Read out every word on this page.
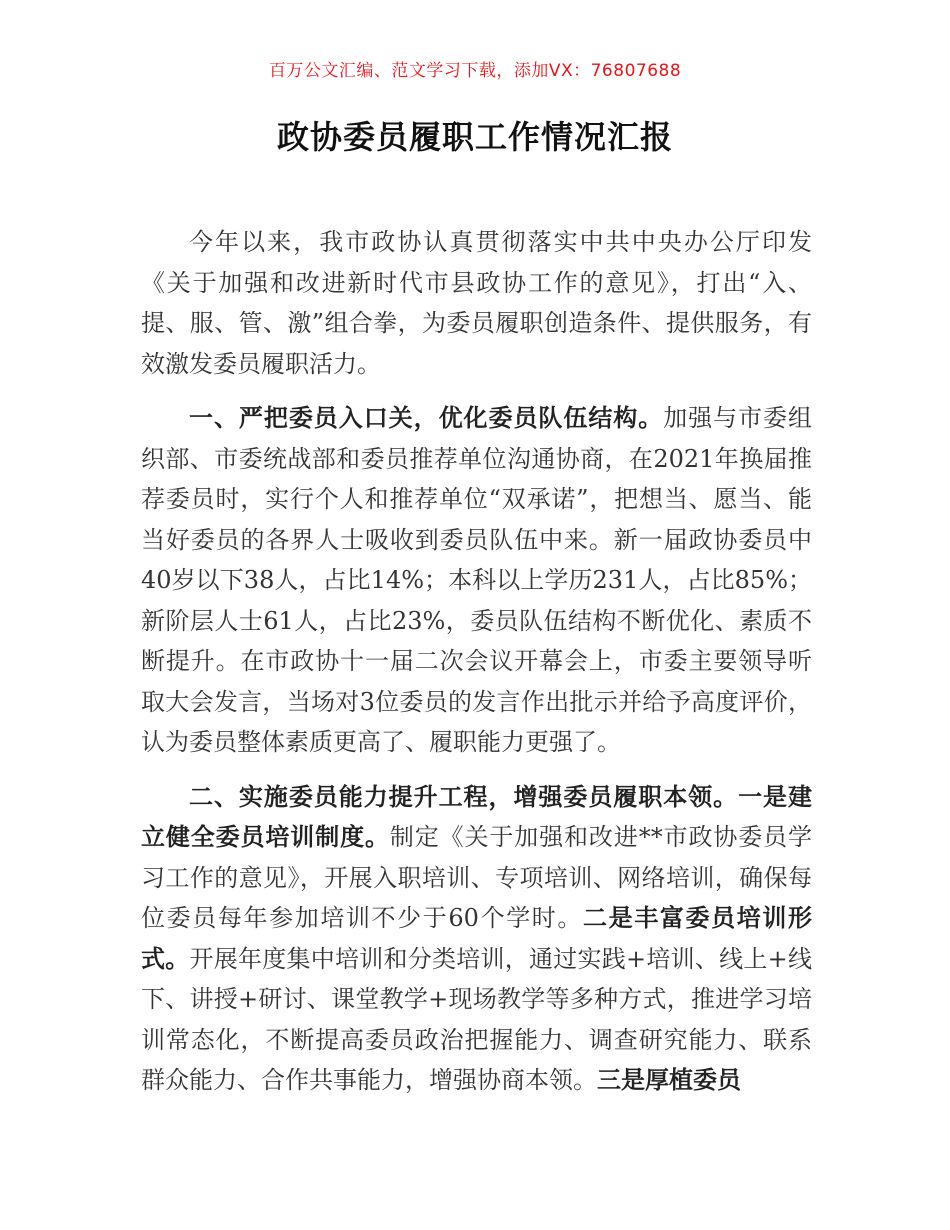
百万公文汇编、范文学习下载，添加VX：76807688
政协委员履职工作情况汇报

今年以来，我市政协认真贯彻落实中共中央办公厅印发《关于加强和改进新时代市县政协工作的意见》，打出“入、提、服、管、激”组合拳，为委员履职创造条件、提供服务，有效激发委员履职活力。

一、严把委员入口关，优化委员队伍结构。加强与市委组织部、市委统战部和委员推荐单位沟通协商，在2021年换届推荐委员时，实行个人和推荐单位“双承诺”，把想当、愿当、能当好委员的各界人士吸收到委员队伍中来。新一届政协委员中40岁以下38人，占比14%；本科以上学历231人，占比85%；新阶层人士61人，占比23%，委员队伍结构不断优化、素质不断提升。在市政协十一届二次会议开幕会上，市委主要领导听取大会发言，当场对3位委员的发言作出批示并给予高度评价，认为委员整体素质更高了、履职能力更强了。

二、实施委员能力提升工程，增强委员履职本领。一是建立健全委员培训制度。制定《关于加强和改进**市政协委员学习工作的意见》，开展入职培训、专项培训、网络培训，确保每位委员每年参加培训不少于60个学时。二是丰富委员培训形式。开展年度集中培训和分类培训，通过实践+培训、线上+线下、讲授+研讨、课堂教学+现场教学等多种方式，推进学习培训常态化，不断提高委员政治把握能力、调查研究能力、联系群众能力、合作共事能力，增强协商本领。三是厚植委员
